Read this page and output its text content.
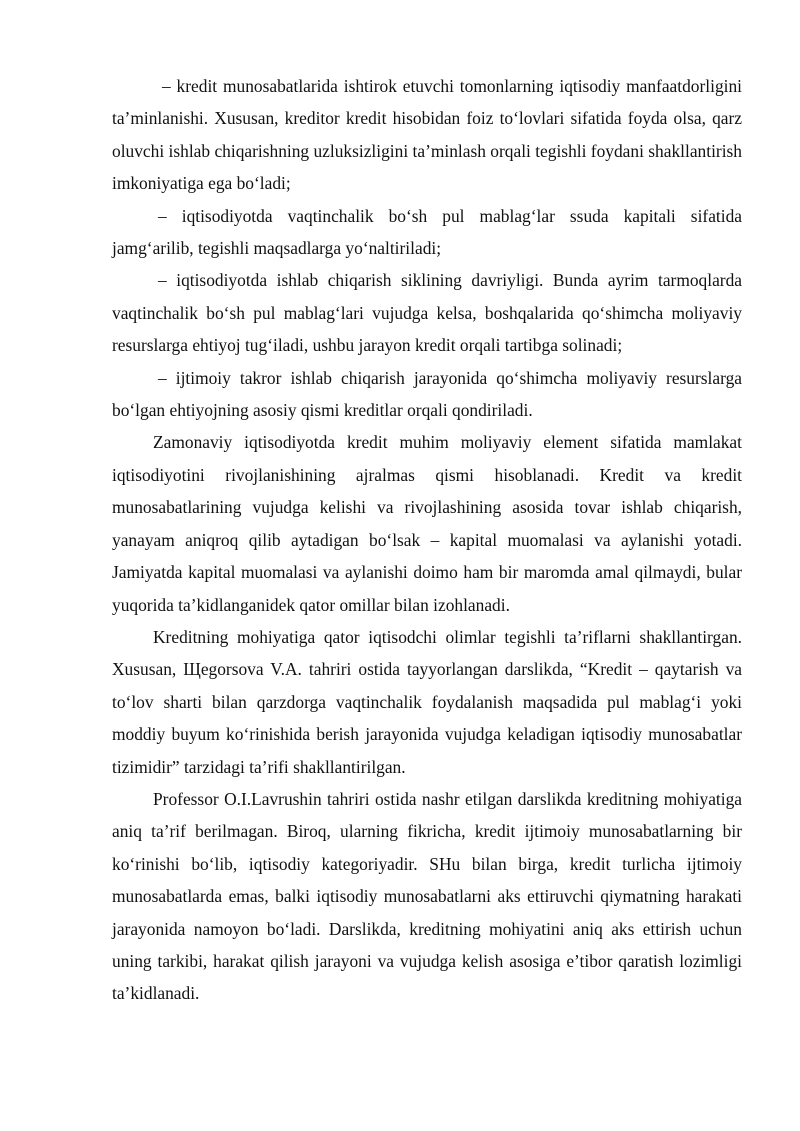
– kredit munosabatlarida ishtirok etuvchi tomonlarning iqtisodiy manfaatdorligini ta’minlanishi. Xususan, kreditor kredit hisobidan foiz to‘lovlari sifatida foyda olsa, qarz oluvchi ishlab chiqarishning uzluksizligini ta’minlash orqali tegishli foydani shakllantirish imkoniyatiga ega bo‘ladi;

– iqtisodiyotda vaqtinchalik bo‘sh pul mablag‘lar ssuda kapitali sifatida jamg‘arilib, tegishli maqsadlarga yo‘naltiriladi;

– iqtisodiyotda ishlab chiqarish siklining davriyligi. Bunda ayrim tarmoqlarda vaqtinchalik bo‘sh pul mablag‘lari vujudga kelsa, boshqalarida qo‘shimcha moliyaviy resurslarga ehtiyoj tug‘iladi, ushbu jarayon kredit orqali tartibga solinadi;

– ijtimoiy takror ishlab chiqarish jarayonida qo‘shimcha moliyaviy resurslarga bo‘lgan ehtiyojning asosiy qismi kreditlar orqali qondiriladi.

Zamonaviy iqtisodiyotda kredit muhim moliyaviy element sifatida mamlakat iqtisodiyotini rivojlanishining ajralmas qismi hisoblanadi. Kredit va kredit munosabatlarining vujudga kelishi va rivojlashining asosida tovar ishlab chiqarish, yanayam aniqroq qilib aytadigan bo‘lsak – kapital muomalasi va aylanishi yotadi. Jamiyatda kapital muomalasi va aylanishi doimo ham bir maromda amal qilmaydi, bular yuqorida ta’kidlanganidek qator omillar bilan izohlanadi.

Kreditning mohiyatiga qator iqtisodchi olimlar tegishli ta’riflarni shakllantirgan. Xususan, Щegorsova V.A. tahriri ostida tayyorlangan darslikda, “Kredit – qaytarish va to‘lov sharti bilan qarzdorga vaqtinchalik foydalanish maqsadida pul mablag‘i yoki moddiy buyum ko‘rinishida berish jarayonida vujudga keladigan iqtisodiy munosabatlar tizimidir” tarzidagi ta’rifi shakllantirilgan.

Professor O.I.Lavrushin tahriri ostida nashr etilgan darslikda kreditning mohiyatiga aniq ta’rif berilmagan. Biroq, ularning fikricha, kredit ijtimoiy munosabatlarning bir ko‘rinishi bo‘lib, iqtisodiy kategoriyadir. SHu bilan birga, kredit turlicha ijtimoiy munosabatlarda emas, balki iqtisodiy munosabatlarni aks ettiruvchi qiymatning harakati jarayonida namoyon bo‘ladi. Darslikda, kreditning mohiyatini aniq aks ettirish uchun uning tarkibi, harakat qilish jarayoni va vujudga kelish asosiga e’tibor qaratish lozimligi ta’kidlanadi.
